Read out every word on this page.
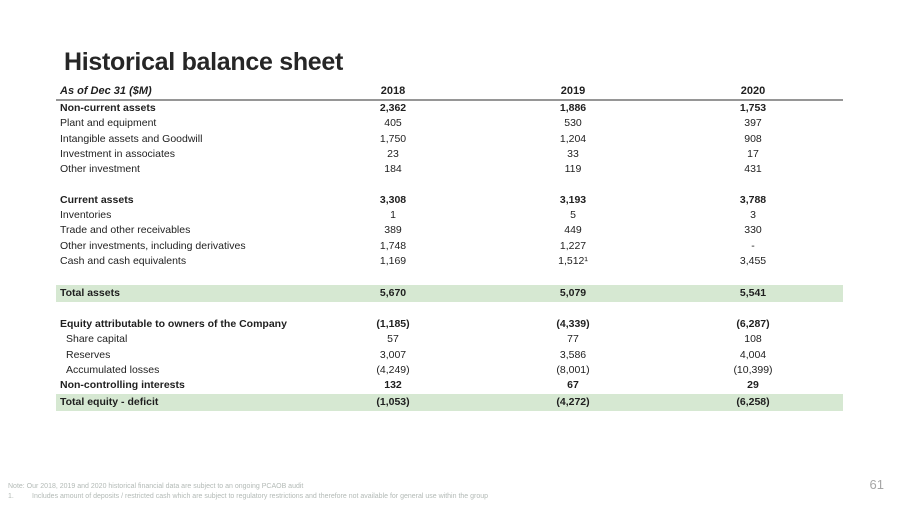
Historical balance sheet
As of Dec 31 ($M)	2018	2019	2020
Non-current assets	2,362	1,886	1,753
Plant and equipment	405	530	397
Intangible assets and Goodwill	1,750	1,204	908
Investment in associates	23	33	17
Other investment	184	119	431
Current assets	3,308	3,193	3,788
Inventories	1	5	3
Trade and other receivables	389	449	330
Other investments, including derivatives	1,748	1,227	-
Cash and cash equivalents	1,169	1,512¹	3,455
Total assets	5,670	5,079	5,541
Equity attributable to owners of the Company	(1,185)	(4,339)	(6,287)
Share capital	57	77	108
Reserves	3,007	3,586	4,004
Accumulated losses	(4,249)	(8,001)	(10,399)
Non-controlling interests	132	67	29
Total equity - deficit	(1,053)	(4,272)	(6,258)
Note: Our 2018, 2019 and 2020 historical financial data are subject to an ongoing PCAOB audit
1.	Includes amount of deposits / restricted cash which are subject to regulatory restrictions and therefore not available for general use within the group
61
